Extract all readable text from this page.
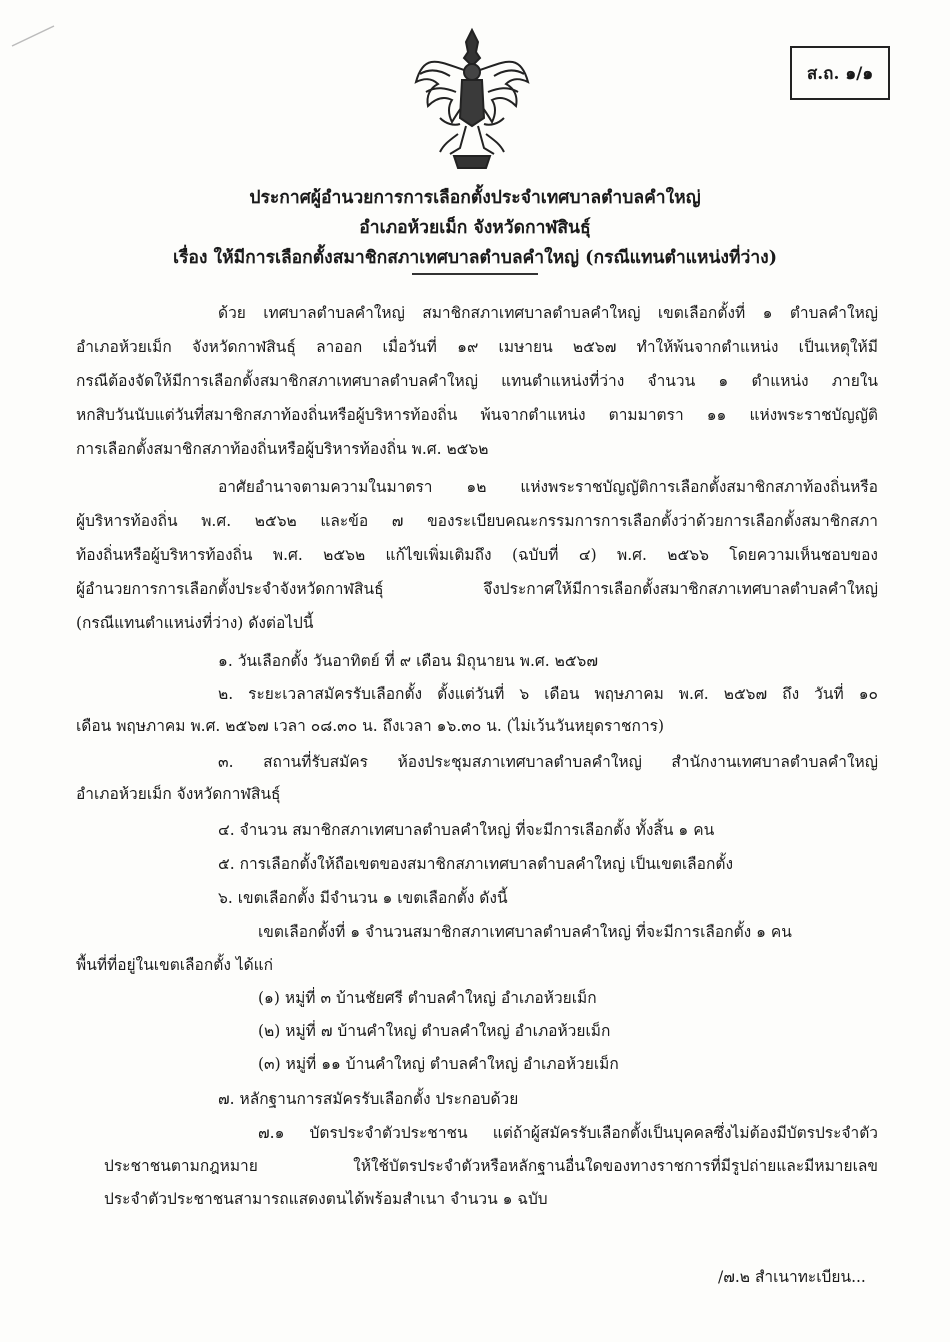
ส.ถ. ๑/๑
ประกาศผู้อำนวยการการเลือกตั้งประจำเทศบาลตำบลคำใหญ่
อำเภอห้วยเม็ก จังหวัดกาฬสินธุ์
เรื่อง ให้มีการเลือกตั้งสมาชิกสภาเทศบาลตำบลคำใหญ่ (กรณีแทนตำแหน่งที่ว่าง)
ด้วย เทศบาลตำบลคำใหญ่ สมาชิกสภาเทศบาลตำบลคำใหญ่ เขตเลือกตั้งที่ ๑ ตำบลคำใหญ่
อำเภอห้วยเม็ก จังหวัดกาฬสินธุ์ ลาออก เมื่อวันที่ ๑๙ เมษายน ๒๕๖๗ ทำให้พ้นจากตำแหน่ง เป็นเหตุให้มี
กรณีต้องจัดให้มีการเลือกตั้งสมาชิกสภาเทศบาลตำบลคำใหญ่ แทนตำแหน่งที่ว่าง จำนวน ๑ ตำแหน่ง ภายใน
หกสิบวันนับแต่วันที่สมาชิกสภาท้องถิ่นหรือผู้บริหารท้องถิ่น พ้นจากตำแหน่ง ตามมาตรา ๑๑ แห่งพระราชบัญญัติ
การเลือกตั้งสมาชิกสภาท้องถิ่นหรือผู้บริหารท้องถิ่น พ.ศ. ๒๕๖๒
อาศัยอำนาจตามความในมาตรา ๑๒ แห่งพระราชบัญญัติการเลือกตั้งสมาชิกสภาท้องถิ่นหรือ
ผู้บริหารท้องถิ่น พ.ศ. ๒๕๖๒ และข้อ ๗ ของระเบียบคณะกรรมการการเลือกตั้งว่าด้วยการเลือกตั้งสมาชิกสภา
ท้องถิ่นหรือผู้บริหารท้องถิ่น พ.ศ. ๒๕๖๒ แก้ไขเพิ่มเติมถึง (ฉบับที่ ๔) พ.ศ. ๒๕๖๖ โดยความเห็นชอบของ
ผู้อำนวยการการเลือกตั้งประจำจังหวัดกาฬสินธุ์ จึงประกาศให้มีการเลือกตั้งสมาชิกสภาเทศบาลตำบลคำใหญ่
(กรณีแทนตำแหน่งที่ว่าง) ดังต่อไปนี้
๑. วันเลือกตั้ง วันอาทิตย์ ที่ ๙ เดือน มิถุนายน พ.ศ. ๒๕๖๗
๒. ระยะเวลาสมัครรับเลือกตั้ง ตั้งแต่วันที่ ๖ เดือน พฤษภาคม พ.ศ. ๒๕๖๗ ถึง วันที่ ๑๐
เดือน พฤษภาคม พ.ศ. ๒๕๖๗ เวลา ๐๘.๓๐ น. ถึงเวลา ๑๖.๓๐ น. (ไม่เว้นวันหยุดราชการ)
๓. สถานที่รับสมัคร ห้องประชุมสภาเทศบาลตำบลคำใหญ่ สำนักงานเทศบาลตำบลคำใหญ่
อำเภอห้วยเม็ก จังหวัดกาฬสินธุ์
๔. จำนวน สมาชิกสภาเทศบาลตำบลคำใหญ่ ที่จะมีการเลือกตั้ง ทั้งสิ้น ๑ คน
๕. การเลือกตั้งให้ถือเขตของสมาชิกสภาเทศบาลตำบลคำใหญ่ เป็นเขตเลือกตั้ง
๖. เขตเลือกตั้ง มีจำนวน ๑ เขตเลือกตั้ง ดังนี้
เขตเลือกตั้งที่ ๑ จำนวนสมาชิกสภาเทศบาลตำบลคำใหญ่ ที่จะมีการเลือกตั้ง ๑ คน
พื้นที่ที่อยู่ในเขตเลือกตั้ง ได้แก่
(๑) หมู่ที่ ๓ บ้านชัยศรี ตำบลคำใหญ่ อำเภอห้วยเม็ก
(๒) หมู่ที่ ๗ บ้านคำใหญ่ ตำบลคำใหญ่ อำเภอห้วยเม็ก
(๓) หมู่ที่ ๑๑ บ้านคำใหญ่ ตำบลคำใหญ่ อำเภอห้วยเม็ก
๗. หลักฐานการสมัครรับเลือกตั้ง ประกอบด้วย
๗.๑ บัตรประจำตัวประชาชน แต่ถ้าผู้สมัครรับเลือกตั้งเป็นบุคคลซึ่งไม่ต้องมีบัตรประจำตัว
ประชาชนตามกฎหมาย ให้ใช้บัตรประจำตัวหรือหลักฐานอื่นใดของทางราชการที่มีรูปถ่ายและมีหมายเลข
ประจำตัวประชาชนสามารถแสดงตนได้พร้อมสำเนา จำนวน ๑ ฉบับ
/๗.๒ สำเนาทะเบียน...
